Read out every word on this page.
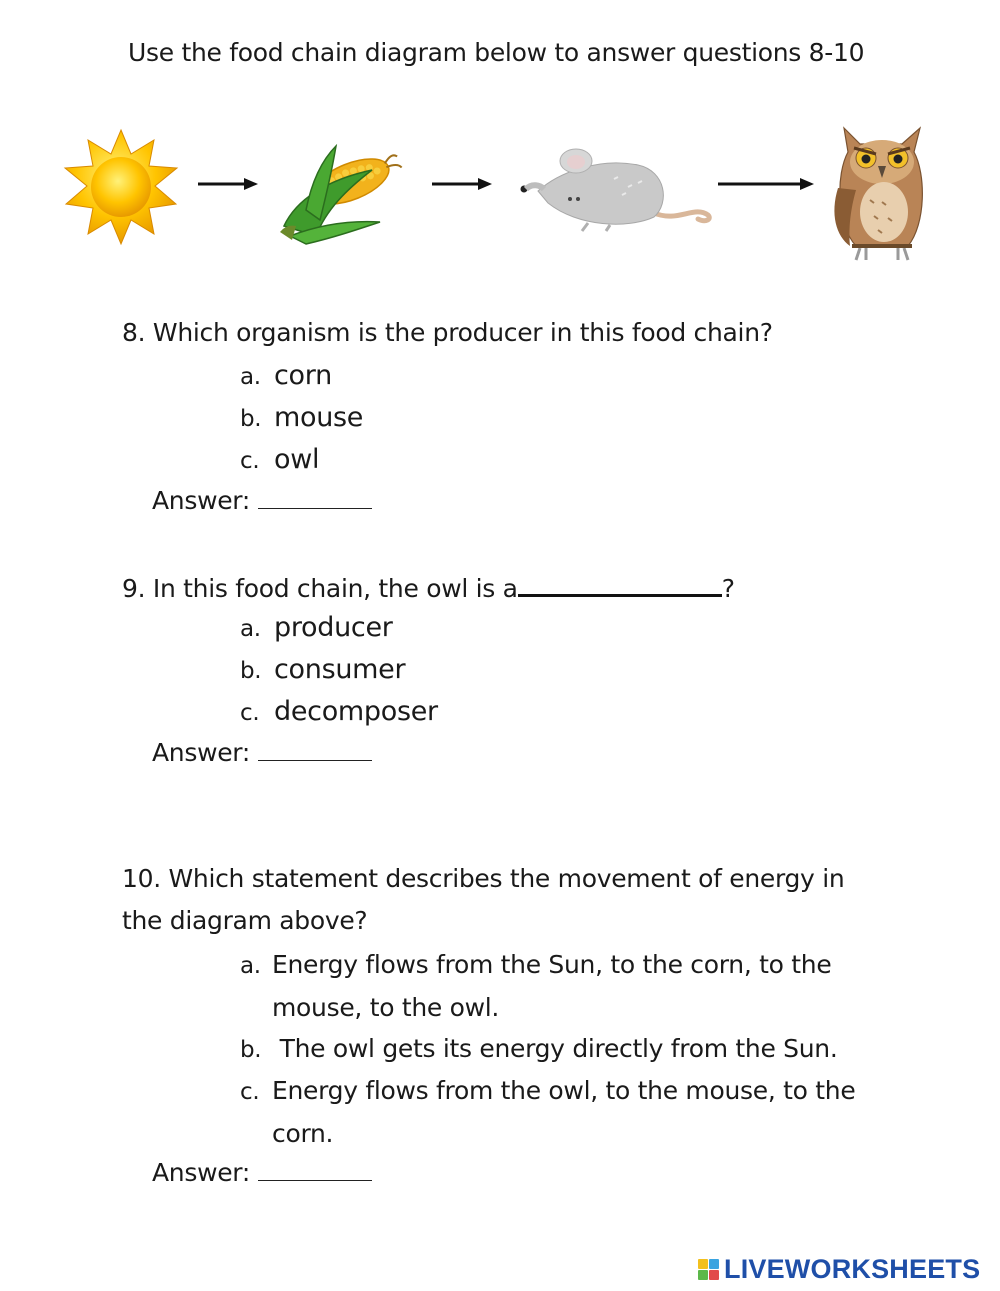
Use the food chain diagram below to answer questions 8-10
8. Which organism is the producer in this food chain?
a. corn
b. mouse
c. owl
Answer:
9. In this food chain, the owl is a	?
a. producer
b. consumer
c. decomposer
Answer:
10. Which statement describes the movement of energy in
the diagram above?
a. Energy flows from the Sun, to the corn, to the
mouse, to the owl.
b. The owl gets its energy directly from the Sun.
c. Energy flows from the owl, to the mouse, to the
corn.
Answer:
LIVEWORKSHEETS
